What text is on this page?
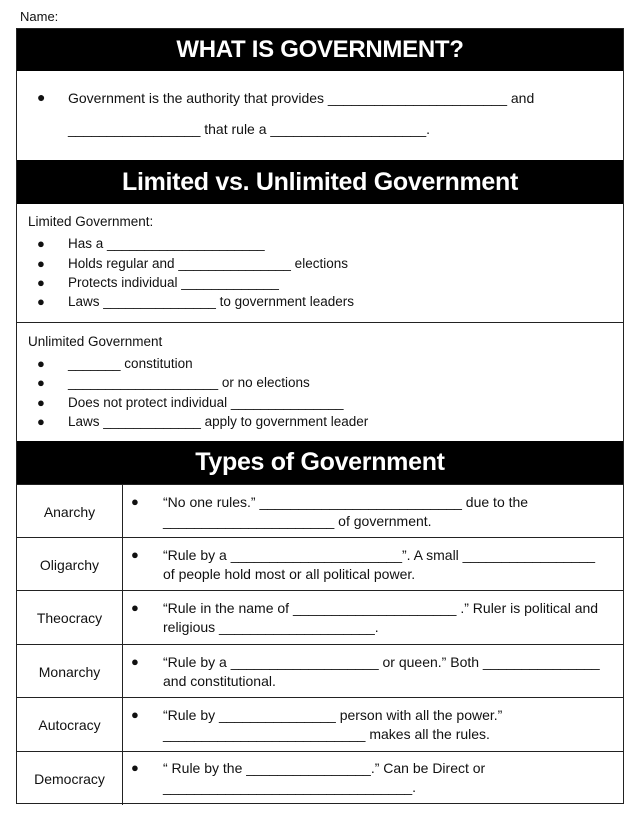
Name:
WHAT IS GOVERNMENT?
● Government is the authority that provides _______________________ and
_________________ that rule a ____________________.
Limited vs. Unlimited Government
Limited Government:
● Has a _____________________
● Holds regular and _______________ elections
● Protects individual _____________
● Laws _______________ to government leaders
Unlimited Government
● _______ constitution
● ____________________ or no elections
● Does not protect individual _______________
● Laws _____________ apply to government leader
Types of Government
Anarchy
● “No one rules.” __________________________ due to the
______________________ of government.
Oligarchy
● “Rule by a ______________________”. A small _________________
of people hold most or all political power.
Theocracy
● “Rule in the name of _____________________ .” Ruler is political and
religious ____________________.
Monarchy
● “Rule by a ___________________ or queen.” Both _______________
and constitutional.
Autocracy
● “Rule by _______________ person with all the power.”
__________________________ makes all the rules.
Democracy
● “ Rule by the ________________.” Can be Direct or
________________________________.
